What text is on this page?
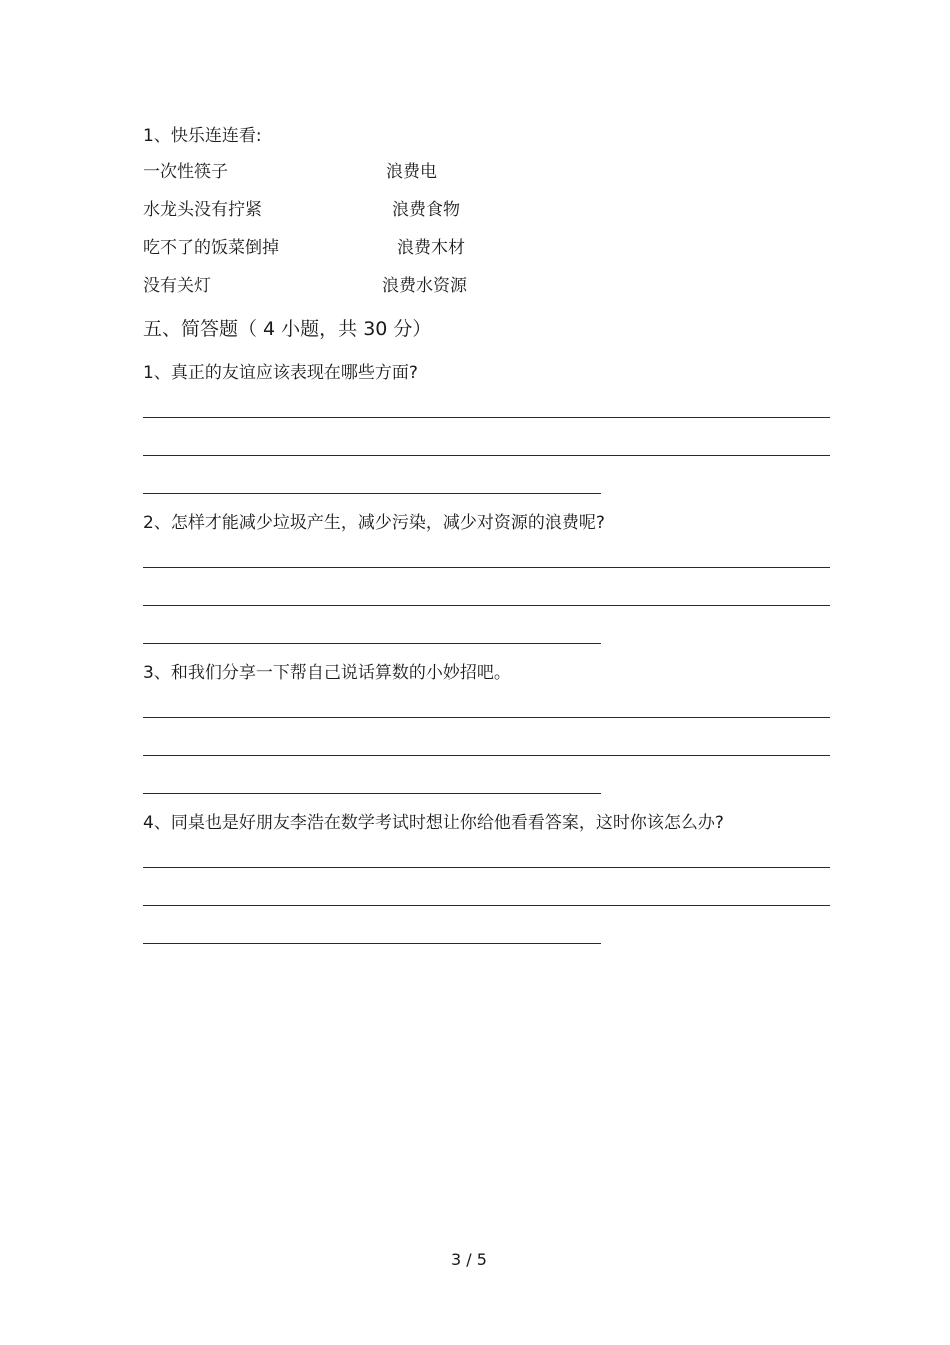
1、快乐连连看:
一次性筷子	浪费电
水龙头没有拧紧	浪费食物
吃不了的饭菜倒掉	浪费木材
没有关灯	浪费水资源
五、简答题（ 4 小题，共 30 分）
1、真正的友谊应该表现在哪些方面?
2、怎样才能减少垃圾产生，减少污染，减少对资源的浪费呢?
3、和我们分享一下帮自己说话算数的小妙招吧。
4、同桌也是好朋友李浩在数学考试时想让你给他看看答案，这时你该怎么办?
3 / 5
